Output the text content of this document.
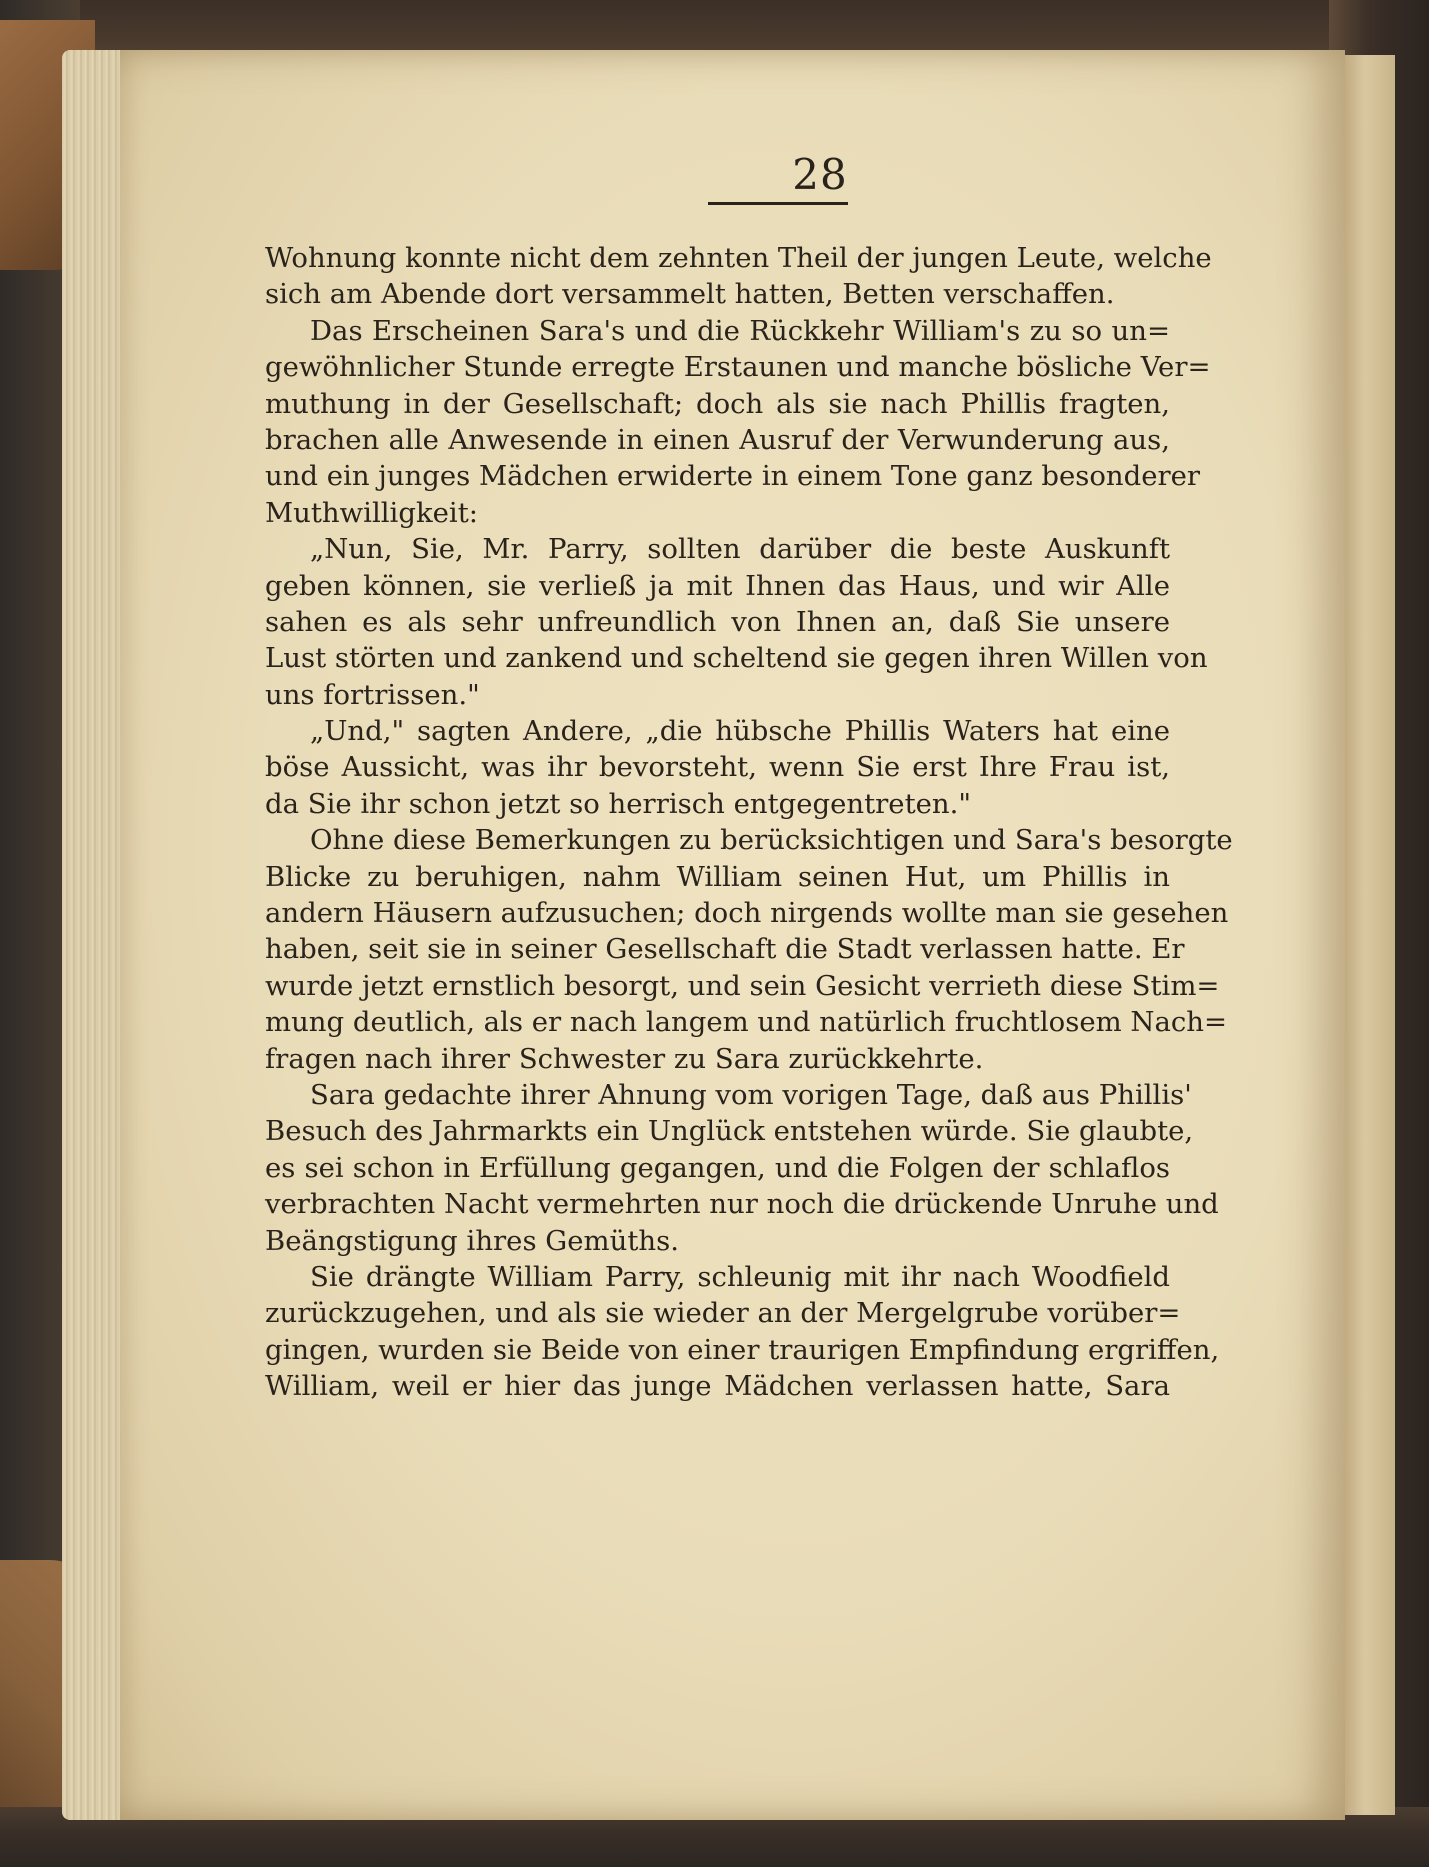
28
Wohnung konnte nicht dem zehnten Theil der jungen Leute, welche
sich am Abende dort versammelt hatten, Betten verschaffen.
Das Erscheinen Sara's und die Rückkehr William's zu so un=
gewöhnlicher Stunde erregte Erstaunen und manche bösliche Ver=
muthung in der Gesellschaft; doch als sie nach Phillis fragten,
brachen alle Anwesende in einen Ausruf der Verwunderung aus,
und ein junges Mädchen erwiderte in einem Tone ganz besonderer
Muthwilligkeit:
„Nun, Sie, Mr. Parry, sollten darüber die beste Auskunft
geben können, sie verließ ja mit Ihnen das Haus, und wir Alle
sahen es als sehr unfreundlich von Ihnen an, daß Sie unsere
Lust störten und zankend und scheltend sie gegen ihren Willen von
uns fortrissen."
„Und," sagten Andere, „die hübsche Phillis Waters hat eine
böse Aussicht, was ihr bevorsteht, wenn Sie erst Ihre Frau ist,
da Sie ihr schon jetzt so herrisch entgegentreten."
Ohne diese Bemerkungen zu berücksichtigen und Sara's besorgte
Blicke zu beruhigen, nahm William seinen Hut, um Phillis in
andern Häusern aufzusuchen; doch nirgends wollte man sie gesehen
haben, seit sie in seiner Gesellschaft die Stadt verlassen hatte. Er
wurde jetzt ernstlich besorgt, und sein Gesicht verrieth diese Stim=
mung deutlich, als er nach langem und natürlich fruchtlosem Nach=
fragen nach ihrer Schwester zu Sara zurückkehrte.
Sara gedachte ihrer Ahnung vom vorigen Tage, daß aus Phillis'
Besuch des Jahrmarkts ein Unglück entstehen würde. Sie glaubte,
es sei schon in Erfüllung gegangen, und die Folgen der schlaflos
verbrachten Nacht vermehrten nur noch die drückende Unruhe und
Beängstigung ihres Gemüths.
Sie drängte William Parry, schleunig mit ihr nach Woodfield
zurückzugehen, und als sie wieder an der Mergelgrube vorüber=
gingen, wurden sie Beide von einer traurigen Empfindung ergriffen,
William, weil er hier das junge Mädchen verlassen hatte, Sara
